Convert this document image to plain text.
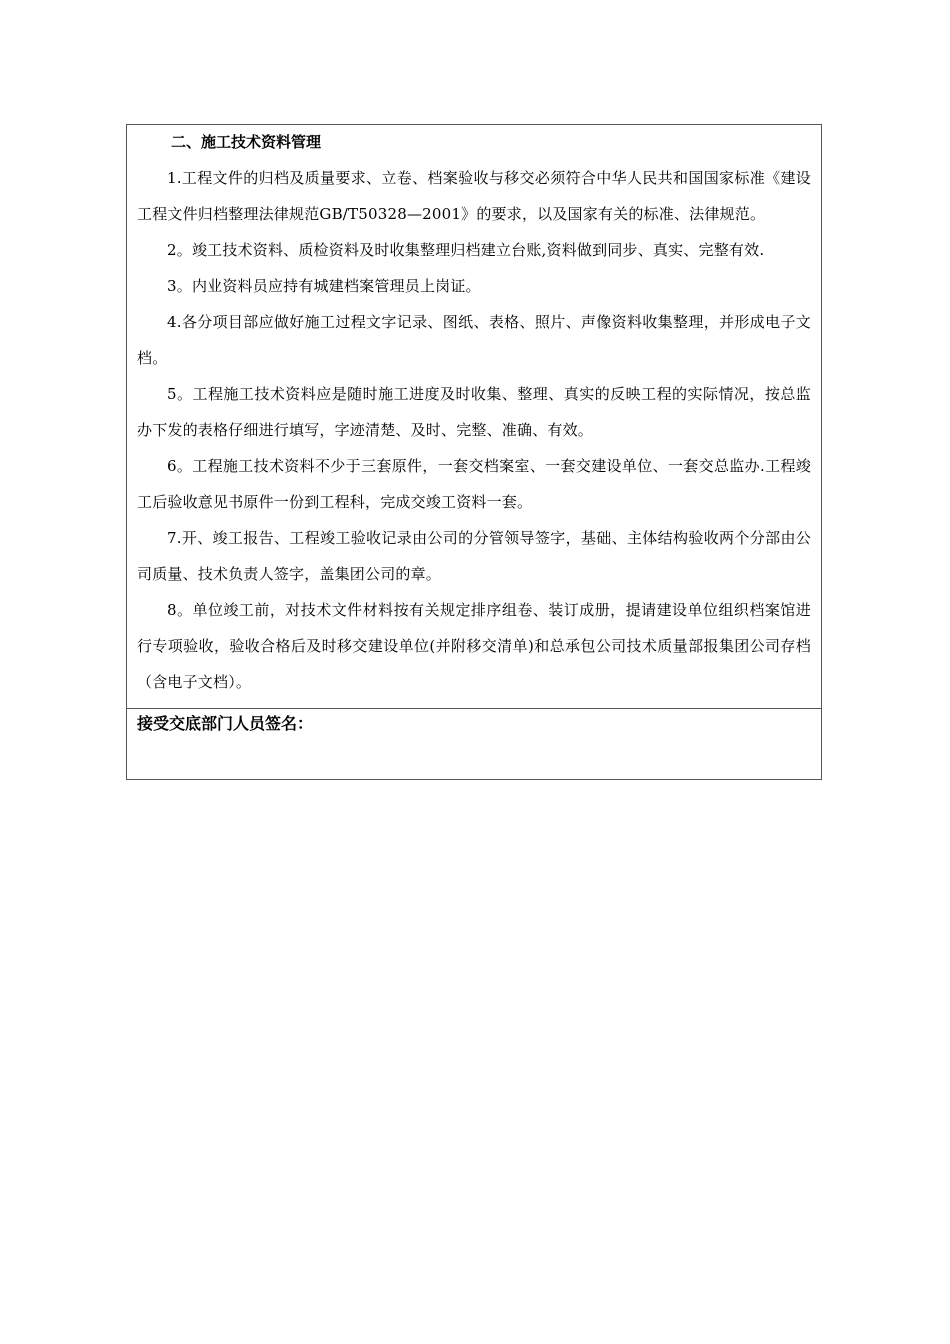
二、施工技术资料管理

1.工程文件的归档及质量要求、立卷、档案验收与移交必须符合中华人民共和国国家标准《建设工程文件归档整理法律规范GB/T50328—2001》的要求，以及国家有关的标准、法律规范。

2。竣工技术资料、质检资料及时收集整理归档建立台账,资料做到同步、真实、完整有效.

3。内业资料员应持有城建档案管理员上岗证。

4.各分项目部应做好施工过程文字记录、图纸、表格、照片、声像资料收集整理，并形成电子文档。

5。工程施工技术资料应是随时施工进度及时收集、整理、真实的反映工程的实际情况，按总监办下发的表格仔细进行填写，字迹清楚、及时、完整、准确、有效。

6。工程施工技术资料不少于三套原件，一套交档案室、一套交建设单位、一套交总监办.工程竣工后验收意见书原件一份到工程科，完成交竣工资料一套。

7.开、竣工报告、工程竣工验收记录由公司的分管领导签字，基础、主体结构验收两个分部由公司质量、技术负责人签字，盖集团公司的章。

8。单位竣工前，对技术文件材料按有关规定排序组卷、装订成册，提请建设单位组织档案馆进行专项验收，验收合格后及时移交建设单位(并附移交清单)和总承包公司技术质量部报集团公司存档（含电子文档）。

接受交底部门人员签名：
